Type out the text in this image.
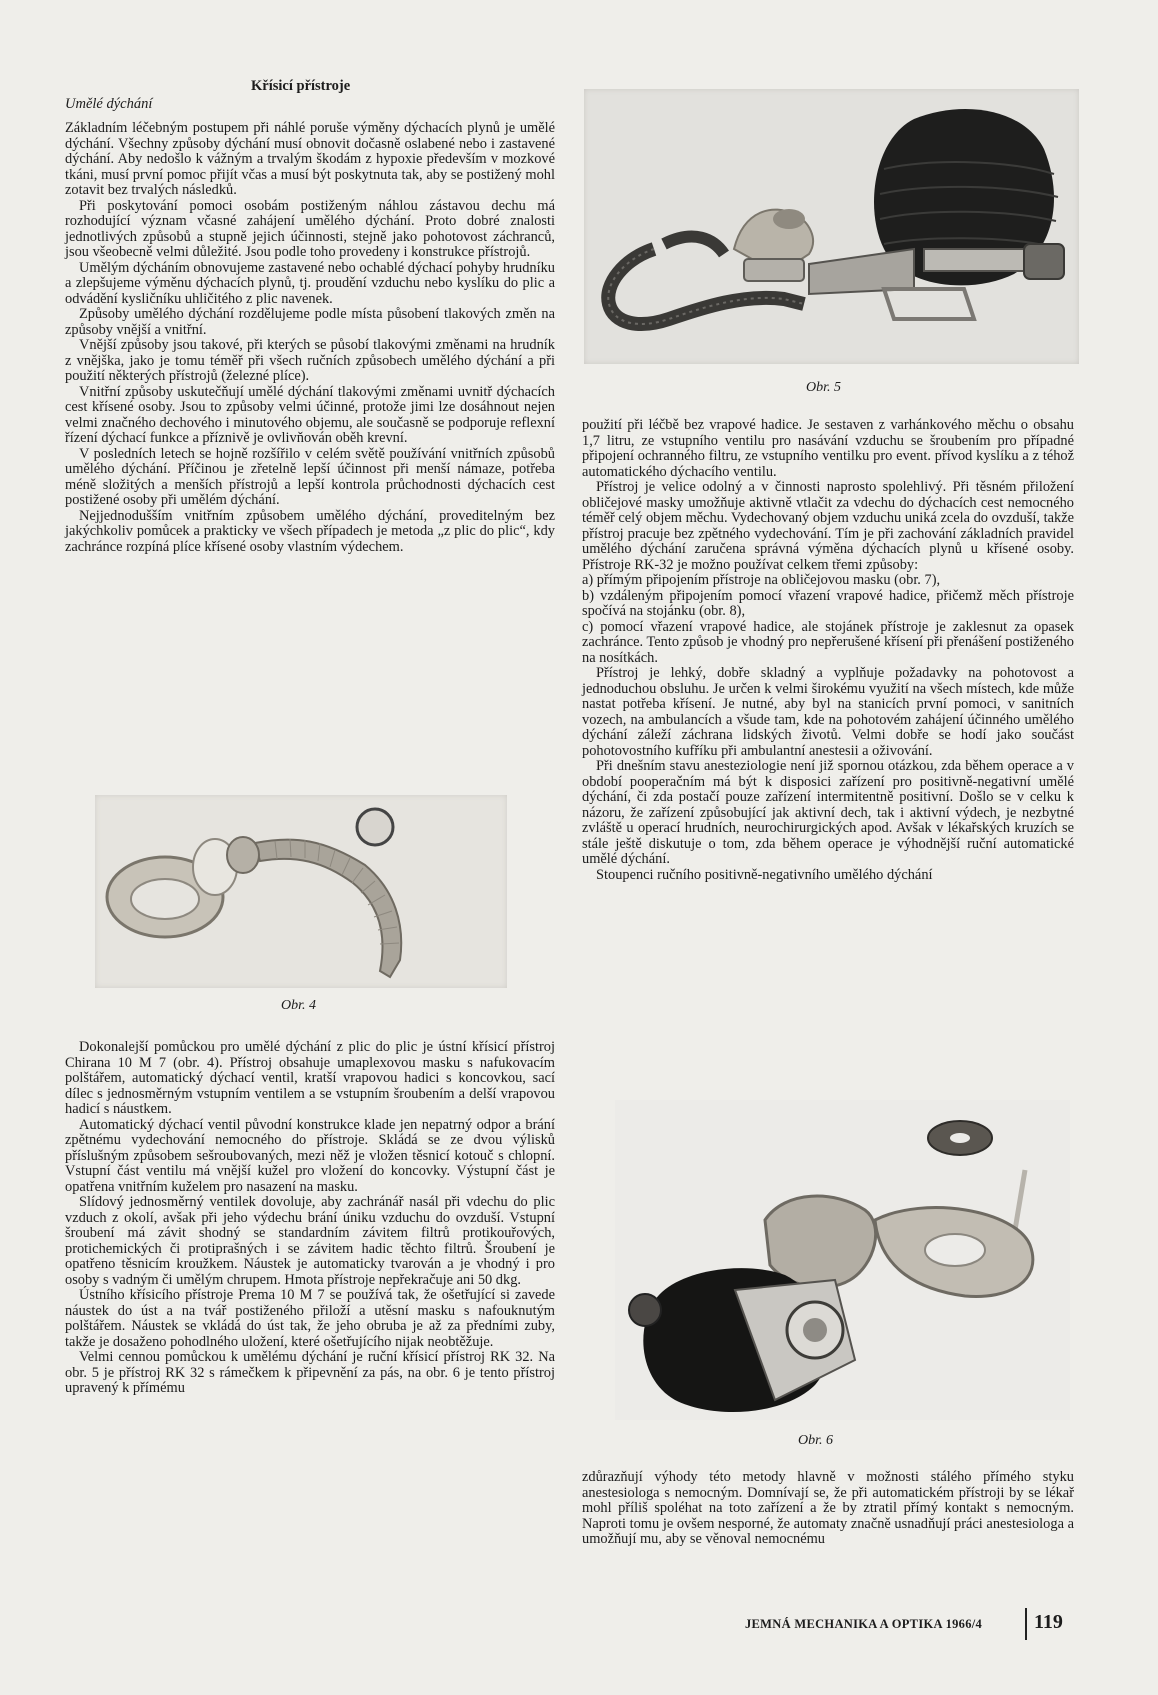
Křísicí přístroje
Umělé dýchání

Základním léčebným postupem při náhlé poruše výměny dýchacích plynů je umělé dýchání. Všechny způsoby dýchání musí obnovit dočasně oslabené nebo i zastavené dýchání. Aby nedošlo k vážným a trvalým škodám z hypoxie především v mozkové tkáni, musí první pomoc přijít včas a musí být poskytnuta tak, aby se postižený mohl zotavit bez trvalých následků.

Při poskytování pomoci osobám postiženým náhlou zástavou dechu má rozhodující význam včasné zahájení umělého dýchání. Proto dobré znalosti jednotlivých způsobů a stupně jejich účinnosti, stejně jako pohotovost záchranců, jsou všeobecně velmi důležité. Jsou podle toho provedeny i konstrukce přístrojů.

Umělým dýcháním obnovujeme zastavené nebo ochablé dýchací pohyby hrudníku a zlepšujeme výměnu dýchacích plynů, tj. proudění vzduchu nebo kyslíku do plic a odvádění kysličníku uhličitého z plic navenek.

Způsoby umělého dýchání rozdělujeme podle místa působení tlakových změn na způsoby vnější a vnitřní.

Vnější způsoby jsou takové, při kterých se působí tlakovými změnami na hrudník z vnějška, jako je tomu téměř při všech ručních způsobech umělého dýchání a při použití některých přístrojů (železné plíce).

Vnitřní způsoby uskutečňují umělé dýchání tlakovými změnami uvnitř dýchacích cest křísené osoby. Jsou to způsoby velmi účinné, protože jimi lze dosáhnout nejen velmi značného dechového i minutového objemu, ale současně se podporuje reflexní řízení dýchací funkce a příznivě je ovlivňován oběh krevní.

V posledních letech se hojně rozšířilo v celém světě používání vnitřních způsobů umělého dýchání. Příčinou je zřetelně lepší účinnost při menší námaze, potřeba méně složitých a menších přístrojů a lepší kontrola průchodnosti dýchacích cest postižené osoby při umělém dýchání.

Nejjednodušším vnitřním způsobem umělého dýchání, proveditelným bez jakýchkoliv pomůcek a prakticky ve všech případech je metoda „z plic do plic“, kdy zachránce rozpíná plíce křísené osoby vlastním výdechem.

Obr. 4

Dokonalejší pomůckou pro umělé dýchání z plic do plic je ústní křísicí přístroj Chirana 10 M 7 (obr. 4). Přístroj obsahuje umaplexovou masku s nafukovacím polštářem, automatický dýchací ventil, kratší vrapovou hadici s koncovkou, sací dílec s jednosměrným vstupním ventilem a se vstupním šroubením a delší vrapovou hadicí s náustkem.

Automatický dýchací ventil původní konstrukce klade jen nepatrný odpor a brání zpětnému vydechování nemocného do přístroje. Skládá se ze dvou výlisků příslušným způsobem sešroubovaných, mezi něž je vložen těsnicí kotouč s chlopní. Vstupní část ventilu má vnější kužel pro vložení do koncovky. Výstupní část je opatřena vnitřním kuželem pro nasazení na masku.

Slídový jednosměrný ventilek dovoluje, aby zachránář nasál při vdechu do plic vzduch z okolí, avšak při jeho výdechu brání úniku vzduchu do ovzduší. Vstupní šroubení má závit shodný se standardním závitem filtrů protikouřových, protichemických či protiprašných i se závitem hadic těchto filtrů. Šroubení je opatřeno těsnicím kroužkem. Náustek je automaticky tvarován a je vhodný i pro osoby s vadným či umělým chrupem. Hmota přístroje nepřekračuje ani 50 dkg.

Ústního křísicího přístroje Prema 10 M 7 se používá tak, že ošetřující si zavede náustek do úst a na tvář postiženého přiloží a utěsní masku s nafouknutým polštářem. Náustek se vkládá do úst tak, že jeho obruba je až za předními zuby, takže je dosaženo pohodlného uložení, které ošetřujícího nijak neobtěžuje.

Velmi cennou pomůckou k umělému dýchání je ruční křísicí přístroj RK 32. Na obr. 5 je přístroj RK 32 s rámečkem k připevnění za pás, na obr. 6 je tento přístroj upravený k přímému

Obr. 5

použití při léčbě bez vrapové hadice. Je sestaven z varhánkového měchu o obsahu 1,7 litru, ze vstupního ventilu pro nasávání vzduchu se šroubením pro případné připojení ochranného filtru, ze vstupního ventilku pro event. přívod kyslíku a z téhož automatického dýchacího ventilu.

Přístroj je velice odolný a v činnosti naprosto spolehlivý. Při těsném přiložení obličejové masky umožňuje aktivně vtlačit za vdechu do dýchacích cest nemocného téměř celý objem měchu. Vydechovaný objem vzduchu uniká zcela do ovzduší, takže přístroj pracuje bez zpětného vydechování. Tím je při zachování základních pravidel umělého dýchání zaručena správná výměna dýchacích plynů u křísené osoby. Přístroje RK-32 je možno používat celkem třemi způsoby:

a) přímým připojením přístroje na obličejovou masku (obr. 7),

b) vzdáleným připojením pomocí vřazení vrapové hadice, přičemž měch přístroje spočívá na stojánku (obr. 8),

c) pomocí vřazení vrapové hadice, ale stojánek přístroje je zaklesnut za opasek zachránce. Tento způsob je vhodný pro nepřerušené křísení při přenášení postiženého na nosítkách.

Přístroj je lehký, dobře skladný a vyplňuje požadavky na pohotovost a jednoduchou obsluhu. Je určen k velmi širokému využití na všech místech, kde může nastat potřeba křísení. Je nutné, aby byl na stanicích první pomoci, v sanitních vozech, na ambulancích a všude tam, kde na pohotovém zahájení účinného umělého dýchání záleží záchrana lidských životů. Velmi dobře se hodí jako součást pohotovostního kufříku při ambulantní anestesii a oživování.

Při dnešním stavu anesteziologie není již spornou otázkou, zda během operace a v období pooperačním má být k disposici zařízení pro positivně-negativní umělé dýchání, či zda postačí pouze zařízení intermitentně positivní. Došlo se v celku k názoru, že zařízení způsobující jak aktivní dech, tak i aktivní výdech, je nezbytné zvláště u operací hrudních, neurochirurgických apod. Avšak v lékařských kruzích se stále ještě diskutuje o tom, zda během operace je výhodnější ruční automatické umělé dýchání.

Stoupenci ručního positivně-negativního umělého dýchání

Obr. 6

zdůrazňují výhody této metody hlavně v možnosti stálého přímého styku anestesiologa s nemocným. Domnívají se, že při automatickém přístroji by se lékař mohl příliš spoléhat na toto zařízení a že by ztratil přímý kontakt s nemocným. Naproti tomu je ovšem nesporné, že automaty značně usnadňují práci anestesiologa a umožňují mu, aby se věnoval nemocnému

JEMNÁ MECHANIKA A OPTIKA 1966/4	119
